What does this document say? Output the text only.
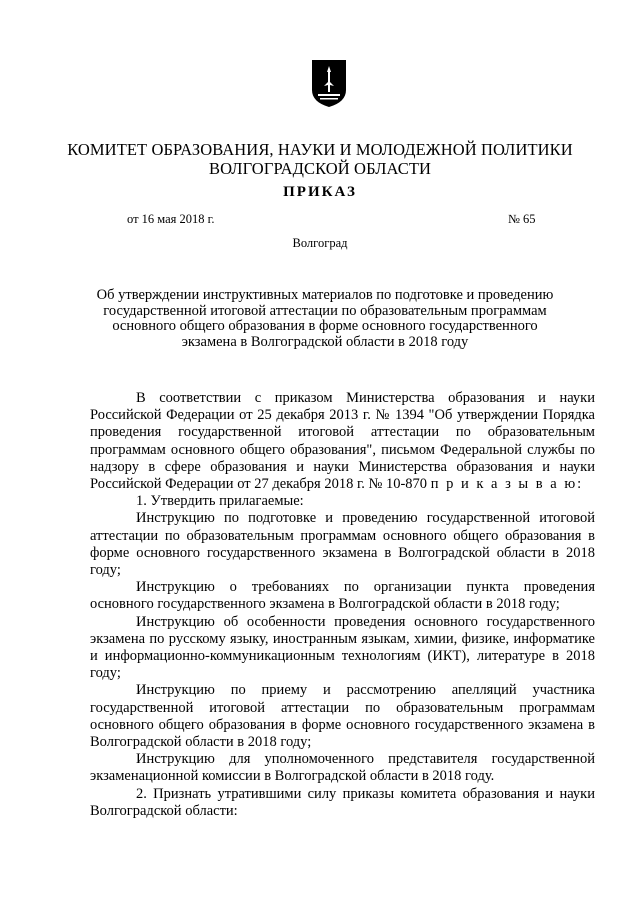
КОМИТЕТ ОБРАЗОВАНИЯ, НАУКИ И МОЛОДЕЖНОЙ ПОЛИТИКИ
ВОЛГОГРАДСКОЙ ОБЛАСТИ
ПРИКАЗ
от 16 мая 2018 г.	№ 65
Волгоград
Об утверждении инструктивных материалов по подготовке и проведению государственной итоговой аттестации по образовательным программам основного общего образования в форме основного государственного экзамена в Волгоградской области в 2018 году

В соответствии с приказом Министерства образования и науки Российской Федерации от 25 декабря 2013 г. № 1394 "Об утверждении Порядка проведения государственной итоговой аттестации по образовательным программам основного общего образования", письмом Федеральной службы по надзору в сфере образования и науки Министерства образования и науки Российской Федерации от 27 декабря 2018 г. № 10-870 п р и к а з ы в а ю:

1. Утвердить прилагаемые:

Инструкцию по подготовке и проведению государственной итоговой аттестации по образовательным программам основного общего образования в форме основного государственного экзамена в Волгоградской области в 2018 году;

Инструкцию о требованиях по организации пункта проведения основного государственного экзамена в Волгоградской области в 2018 году;

Инструкцию об особенности проведения основного государственного экзамена по русскому языку, иностранным языкам, химии, физике, информатике и информационно-коммуникационным технологиям (ИКТ), литературе в 2018 году;

Инструкцию по приему и рассмотрению апелляций участника государственной итоговой аттестации по образовательным программам основного общего образования в форме основного государственного экзамена в Волгоградской области в 2018 году;

Инструкцию для уполномоченного представителя государственной экзаменационной комиссии в Волгоградской области в 2018 году.

2. Признать утратившими силу приказы комитета образования и науки Волгоградской области:
